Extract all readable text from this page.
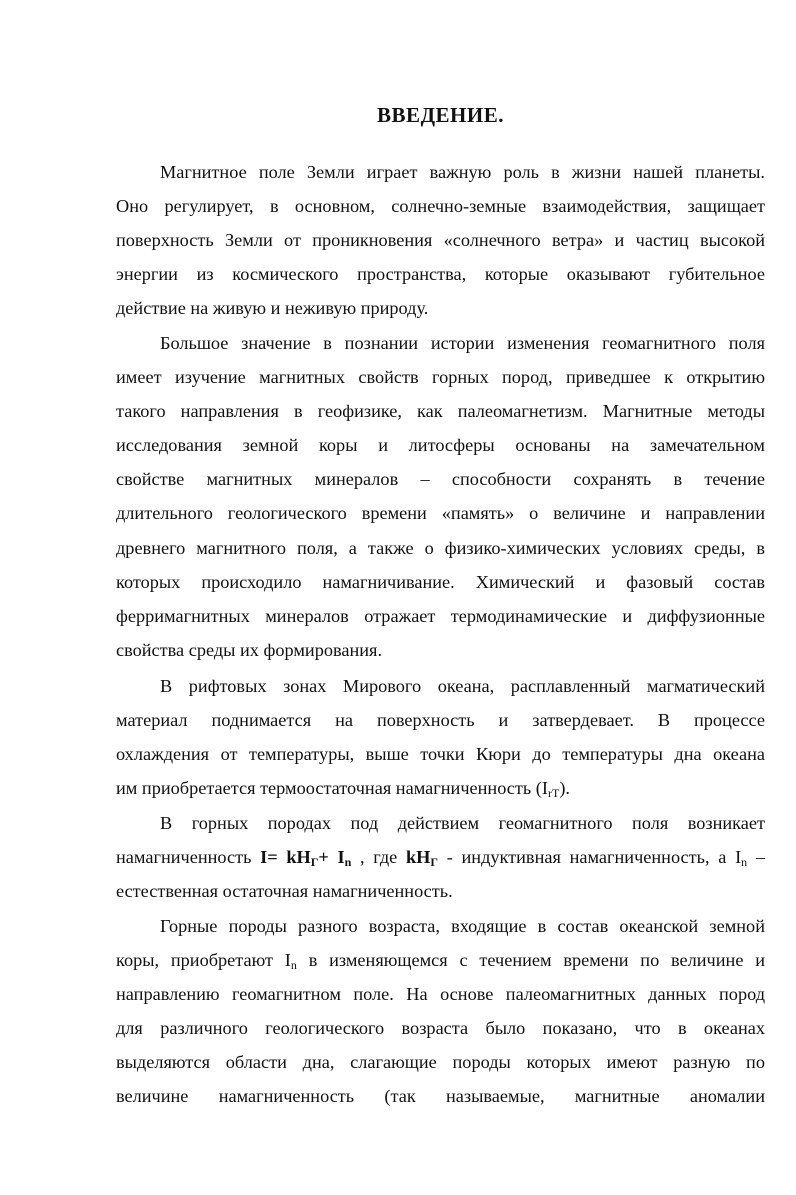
ВВЕДЕНИЕ.
Магнитное поле Земли играет важную роль в жизни нашей планеты.
Оно регулирует, в основном, солнечно-земные взаимодействия, защищает
поверхность Земли от проникновения «солнечного ветра» и частиц высокой
энергии из космического пространства, которые оказывают губительное
действие на живую и неживую природу.
Большое значение в познании истории изменения геомагнитного поля
имеет изучение магнитных свойств горных пород, приведшее к открытию
такого направления в геофизике, как палеомагнетизм. Магнитные методы
исследования земной коры и литосферы основаны на замечательном
свойстве магнитных минералов – способности сохранять в течение
длительного геологического времени «память» о величине и направлении
древнего магнитного поля, а также о физико-химических условиях среды, в
которых происходило намагничивание. Химический и фазовый состав
ферримагнитных минералов отражает термодинамические и диффузионные
свойства среды их формирования.
В рифтовых зонах Мирового океана, расплавленный магматический
материал поднимается на поверхность и затвердевает. В процессе
охлаждения от температуры, выше точки Кюри до температуры дна океана
им приобретается термоостаточная намагниченность $(I_{rT})$.
В горных породах под действием геомагнитного поля возникает
намагниченность $I= kH_Г+ I_n$ , где $kH_Г$ - индуктивная намагниченность, а $I_n$ –
естественная остаточная намагниченность.
Горные породы разного возраста, входящие в состав океанской земной
коры, приобретают $I_n$ в изменяющемся с течением времени по величине и
направлению геомагнитном поле. На основе палеомагнитных данных пород
для различного геологического возраста было показано, что в океанах
выделяются области дна, слагающие породы которых имеют разную по
величине намагниченность (так называемые, магнитные аномалии
